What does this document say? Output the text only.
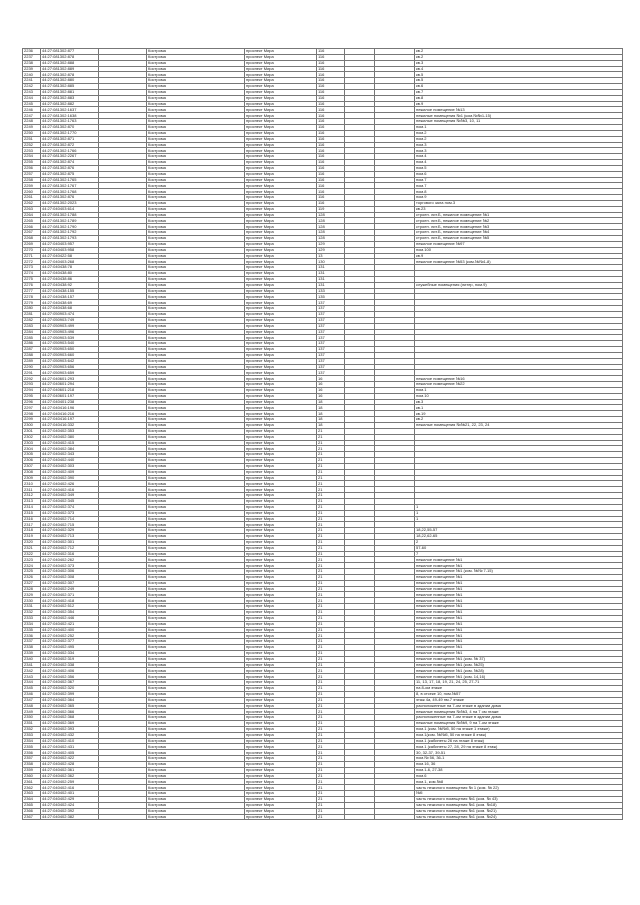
2236	44:27:081302:877		Кострома	проспект Мира	116			кв.2
2237	44:27:081302:878		Кострома	проспект Мира	116			кв.2
2238	44:27:081302:888		Кострома	проспект Мира	116			кв.3
2239	44:27:081302:889		Кострома	проспект Мира	116			кв.4
2240	44:27:081302:878		Кострома	проспект Мира	116			кв.5
2241	44:27:081302:880		Кострома	проспект Мира	116			кв.5
2242	44:27:081302:885		Кострома	проспект Мира	116			кв.6
2243	44:27:081302:881		Кострома	проспект Мира	116			кв.7
2244	44:27:081302:883		Кострома	проспект Мира	116			кв.8
2245	44:27:081302:882		Кострома	проспект Мира	116			кв.9
2246	44:27:081302:1637		Кострома	проспект Мира	116			нежилое помещение №13
2247	44:27:081302:1638		Кострома	проспект Мира	116			нежилые помещения №1 (ком.№№1-15)
2248	44:27:081302:1763		Кострома	проспект Мира	116			нежилые помещения №№3, 10, 11
2249	44:27:081302:870		Кострома	проспект Мира	116			пом.1
2250	44:27:081302:1770		Кострома	проспект Мира	116			пом.2
2251	44:27:081302:871		Кострома	проспект Мира	116			пом.2
2252	44:27:081302:872		Кострома	проспект Мира	116			пом.3
2253	44:27:081302:1766		Кострома	проспект Мира	116			пом.3
2254	44:27:081302:2267		Кострома	проспект Мира	116			пом.4
2255	44:27:081302:874		Кострома	проспект Мира	116			пом.4
2256	44:27:081302:876		Кострома	проспект Мира	116			пом.5
2257	44:27:081302:875		Кострома	проспект Мира	116			пом.6
2258	44:27:081302:1765		Кострома	проспект Мира	116			пом.7
2259	44:27:081302:1767		Кострома	проспект Мира	116			пом.7
2260	44:27:081302:1768		Кострома	проспект Мира	116			пом.8
2261	44:27:081302:876		Кострома	проспект Мира	116			пом.9
2262	44:27:081302:2023		Кострома	проспект Мира	116			торгового зала пом.3
2263	44:27:040403:614		Кострома	проспект Мира	119			кв.23
2264	44:27:081302:1788		Кострома	проспект Мира	128			строен. лит.Б, нежилое помещение №1
2265	44:27:081302:1789		Кострома	проспект Мира	128			строен. лит.Б, нежилое помещение №2
2266	44:27:081302:1790		Кострома	проспект Мира	128			строен. лит.Б, нежилое помещение №3
2267	44:27:081302:1792		Кострома	проспект Мира	128			строен. лит.Б, нежилое помещение №4
2268	44:27:081302:1793		Кострома	проспект Мира	128			строен. лит.Б, нежилое помещение №5
2269	44:27:040403:957		Кострома	проспект Мира	129			нежилое помещение №97
2270	44:27:040403:958		Кострома	проспект Мира	129			пом.100
2271	44:27:040422:58		Кострома	проспект Мира	13			кв.9
2272	44:27:040403:268		Кострома	проспект Мира	130			нежилое помещение №53 (ком.№№1-8)
2273	44:27:040438:78		Кострома	проспект Мира	131			
2274	44:27:040438:80		Кострома	проспект Мира	131			
2275	44:27:040438:86		Кострома	проспект Мира	131			
2276	44:27:040438:92		Кострома	проспект Мира	131			служебные помещения (литер, пом.9)
2277	44:27:040438:155		Кострома	проспект Мира	133			
2278	44:27:040438:157		Кострома	проспект Мира	135			
2279	44:27:040438:69		Кострома	проспект Мира	137			
2280	44:27:040438:68		Кострома	проспект Мира	137			
2281	44:27:050903:474		Кострома	проспект Мира	137			
2282	44:27:050903:749		Кострома	проспект Мира	137			
2283	44:27:050903:499		Кострома	проспект Мира	137			
2284	44:27:050903:496		Кострома	проспект Мира	137			
2285	44:27:050903:539		Кострома	проспект Мира	137			
2286	44:27:050903:540		Кострома	проспект Мира	137			
2287	44:27:050903:650		Кострома	проспект Мира	137			
2288	44:27:050903:660		Кострома	проспект Мира	137			
2289	44:27:050903:642		Кострома	проспект Мира	137			
2290	44:27:050903:656		Кострома	проспект Мира	137			
2291	44:27:050903:659		Кострома	проспект Мира	137			
2292	44:27:040601:293		Кострома	проспект Мира	16			нежилое помещение №16
2293	44:27:040601:294		Кострома	проспект Мира	16			нежилое помещение №22
2294	44:27:040601:218		Кострома	проспект Мира	16			пом.1
2295	44:27:040601:197		Кострома	проспект Мира	16			пом.10
2296	44:27:040401:238		Кострома	проспект Мира	18			кв.3
2297	44:27:040416:196		Кострома	проспект Мира	18			кв.1
2298	44:27:040416:216		Кострома	проспект Мира	18			кв.19
2299	44:27:040416:197		Кострома	проспект Мира	18			кв.2
2300	44:27:040416:332		Кострома	проспект Мира	18			нежилые помещения №№21, 22, 23, 24
2301	44:27:040402:353		Кострома	проспект Мира	21			
2302	44:27:040402:380		Кострома	проспект Мира	21			
2303	44:27:040402:415		Кострома	проспект Мира	21			
2304	44:27:040402:384		Кострома	проспект Мира	21			
2305	44:27:040402:343		Кострома	проспект Мира	21			
2306	44:27:040402:440		Кострома	проспект Мира	21			
2307	44:27:040402:303		Кострома	проспект Мира	21			
2308	44:27:040402:409		Кострома	проспект Мира	21			
2309	44:27:040402:390		Кострома	проспект Мира	21			
2310	44:27:040402:426		Кострома	проспект Мира	21			
2311	44:27:040402:416		Кострома	проспект Мира	21			
2312	44:27:040402:349		Кострома	проспект Мира	21			
2313	44:27:040402:345		Кострома	проспект Мира	21			
2314	44:27:040402:374		Кострома	проспект Мира	21			1
2315	44:27:040402:373		Кострома	проспект Мира	21			1
2316	44:27:040402:714		Кострома	проспект Мира	21			1
2317	44:27:040402:715		Кострома	проспект Мира	21			
2318	44:27:040402:329		Кострома	проспект Мира	21			18,22,55-57
2319	44:27:040402:713		Кострома	проспект Мира	21			18,22,62-65
2320	44:27:040402:301		Кострома	проспект Мира	21			2
2321	44:27:040402:712		Кострома	проспект Мира	21			57-60
2322	44:27:040402:316		Кострома	проспект Мира	21			7
2323	44:27:040402:262		Кострома	проспект Мира	21			нежилое помещение №1
2324	44:27:040402:373		Кострома	проспект Мира	21			нежилое помещение №1
2325	44:27:040402:306		Кострома	проспект Мира	21			нежилое помещение №1 (ком. №№ 7-15)
2326	44:27:040402:308		Кострома	проспект Мира	21			нежилое помещение №1
2327	44:27:040402:307		Кострома	проспект Мира	21			нежилое помещение №1
2328	44:27:040402:249		Кострома	проспект Мира	21			нежилое помещение №1
2329	44:27:040402:371		Кострома	проспект Мира	21			нежилое помещение №1
2330	44:27:040402:418		Кострома	проспект Мира	21			нежилое помещение №1
2331	44:27:040402:512		Кострома	проспект Мира	21			нежилое помещение №1
2332	44:27:040402:354		Кострома	проспект Мира	21			нежилое помещение №1
2333	44:27:040402:446		Кострома	проспект Мира	21			нежилое помещение №1
2334	44:27:040402:421		Кострома	проспект Мира	21			нежилое помещение №1
2335	44:27:040402:400		Кострома	проспект Мира	21			нежилое помещение №1
2336	44:27:040402:252		Кострома	проспект Мира	21			нежилое помещение №1
2337	44:27:040402:377		Кострома	проспект Мира	21			нежилое помещение №1
2338	44:27:040402:495		Кострома	проспект Мира	21			нежилое помещение №1
2339	44:27:040402:334		Кострома	проспект Мира	21			нежилое помещение №1
2340	44:27:040402:319		Кострома	проспект Мира	21			нежилое помещение №1 (ком. № 37)
2341	44:27:040402:338		Кострома	проспект Мира	21			нежилое помещение №1 (ком. №25)
2342	44:27:040402:406		Кострома	проспект Мира	21			нежилое помещение №1 (ком. №28)
2343	44:27:040402:356		Кострома	проспект Мира	21			нежилое помещение №1 (ком. 14,16)
2344	44:27:040402:367		Кострома	проспект Мира	21			11, 13, 17, 18, 19, 21, 24, 25, 27-71
2345	44:27:040402:320		Кострома	проспект Мира	21			на 8-ом этаже
2346	44:27:040402:399		Кострома	проспект Мира	21			8, в отсеке 10, пом.№57
2347	44:27:040402:364		Кострома	проспект Мира	21			этаж 4а, 49-49 пм.7 этаже
2348	44:27:040402:365		Кострома	проспект Мира	21			расположенные на 7-ом этаже в здании дома
2349	44:27:040402:366		Кострома	проспект Мира	21			нежилые помещения №№3, 4 на 7 ом этаже
2350	44:27:040402:368		Кострома	проспект Мира	21			расположенные на 7-ом этаже в здании дома
2351	44:27:040402:369		Кострома	проспект Мира	21			нежилые помещения №№9, 9 на 7-ом этаже
2352	44:27:040402:393		Кострома	проспект Мира	21			пом.1 (ком. №№5, 50 на этаже 1 этаже)
2353	44:27:040402:432		Кострома	проспект Мира	21			пом.1(ком. №№5, 50 на этаже 8 этаж)
2354	44:27:040402:410		Кострома	проспект Мира	21			пом.1 (кабинеты 26 на этаже 8 этаж)
2355	44:27:040402:431		Кострома	проспект Мира	21			пом.1 (кабинеты 27, 28, 29 на этаже 8 этаж)
2356	44:27:040402:405		Кострома	проспект Мира	21			30, 32-37, 39-51
2357	44:27:040402:422		Кострома	проспект Мира	21			пом.№ 56, 36-1
2358	44:27:040402:428		Кострома	проспект Мира	21			пом.16, 36
2359	44:27:040402:361		Кострома	проспект Мира	21			пом.1-6, 27-38
2360	44:27:040402:362		Кострома	проспект Мира	21			пом.6
2361	44:27:040402:259		Кострома	проспект Мира	21			пом.1, ком.№8
2362	44:27:040402:416		Кострома	проспект Мира	21			часть нежилого помещения № 1 (ком. № 22)
2363	44:27:040402:401		Кострома	проспект Мира	21			№5
2364	44:27:040402:429		Кострома	проспект Мира	21			часть нежилого помещения №1 (ком. № 43)
2365	44:27:040402:424		Кострома	проспект Мира	21			часть нежилого помещения №1 (ком. №18)
2366	44:27:040402:392		Кострома	проспект Мира	21			часть нежилого помещения №1 (ком. №21)
2367	44:27:040402:382		Кострома	проспект Мира	21			часть нежилого помещения №1 (ком. №24)
